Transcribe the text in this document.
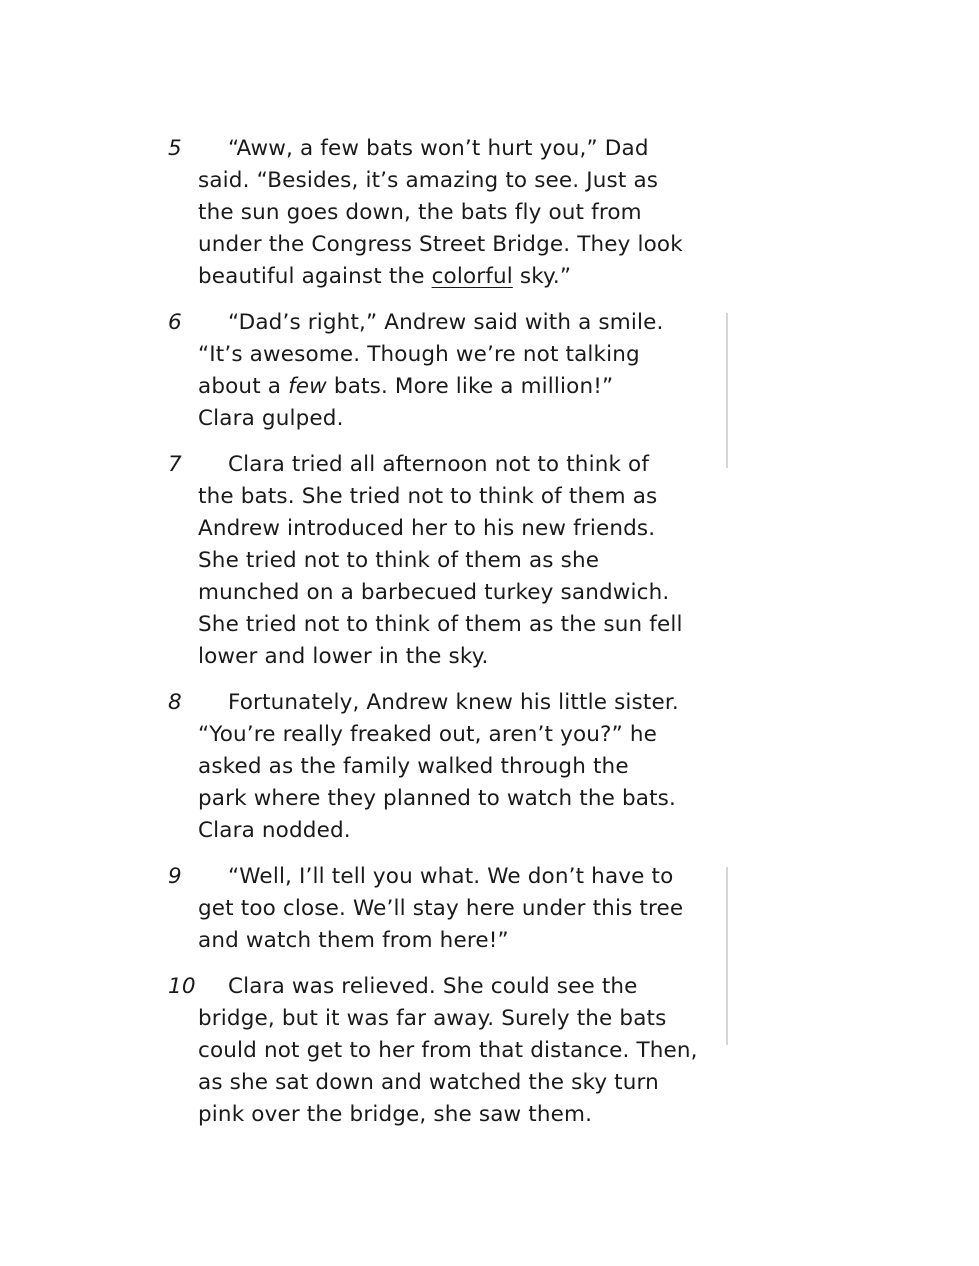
5	“Aww, a few bats won’t hurt you,” Dad
said. “Besides, it’s amazing to see. Just as
the sun goes down, the bats fly out from
under the Congress Street Bridge. They look
beautiful against the colorful sky.”
6	“Dad’s right,” Andrew said with a smile.
“It’s awesome. Though we’re not talking
about a few bats. More like a million!”
Clara gulped.
7	Clara tried all afternoon not to think of
the bats. She tried not to think of them as
Andrew introduced her to his new friends.
She tried not to think of them as she
munched on a barbecued turkey sandwich.
She tried not to think of them as the sun fell
lower and lower in the sky.
8	Fortunately, Andrew knew his little sister.
“You’re really freaked out, aren’t you?” he
asked as the family walked through the
park where they planned to watch the bats.
Clara nodded.
9	“Well, I’ll tell you what. We don’t have to
get too close. We’ll stay here under this tree
and watch them from here!”
10	Clara was relieved. She could see the
bridge, but it was far away. Surely the bats
could not get to her from that distance. Then,
as she sat down and watched the sky turn
pink over the bridge, she saw them.
